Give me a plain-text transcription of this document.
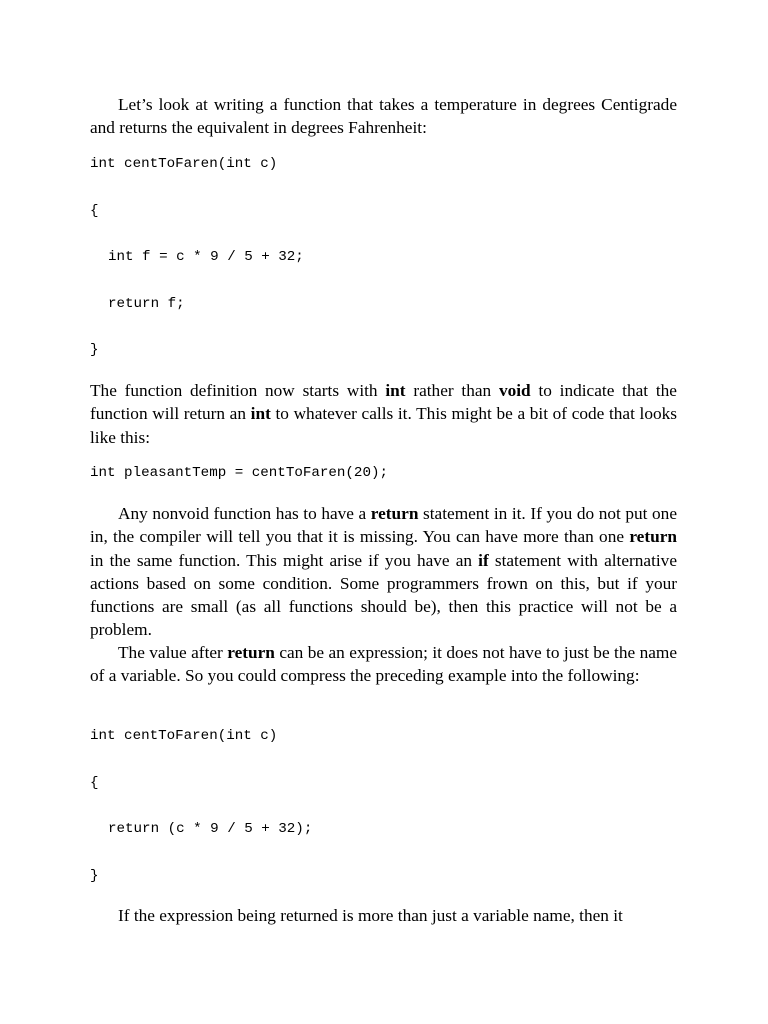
Let’s look at writing a function that takes a temperature in degrees Centigrade and returns the equivalent in degrees Fahrenheit:

int centToFaren(int c)
{
int f = c * 9 / 5 + 32;
return f;
}

The function definition now starts with int rather than void to indicate that the function will return an int to whatever calls it. This might be a bit of code that looks like this:

int pleasantTemp = centToFaren(20);

Any nonvoid function has to have a return statement in it. If you do not put one in, the compiler will tell you that it is missing. You can have more than one return in the same function. This might arise if you have an if statement with alternative actions based on some condition. Some programmers frown on this, but if your functions are small (as all functions should be), then this practice will not be a problem.

The value after return can be an expression; it does not have to just be the name of a variable. So you could compress the preceding example into the following:

int centToFaren(int c)
{
return (c * 9 / 5 + 32);
}

If the expression being returned is more than just a variable name, then it
